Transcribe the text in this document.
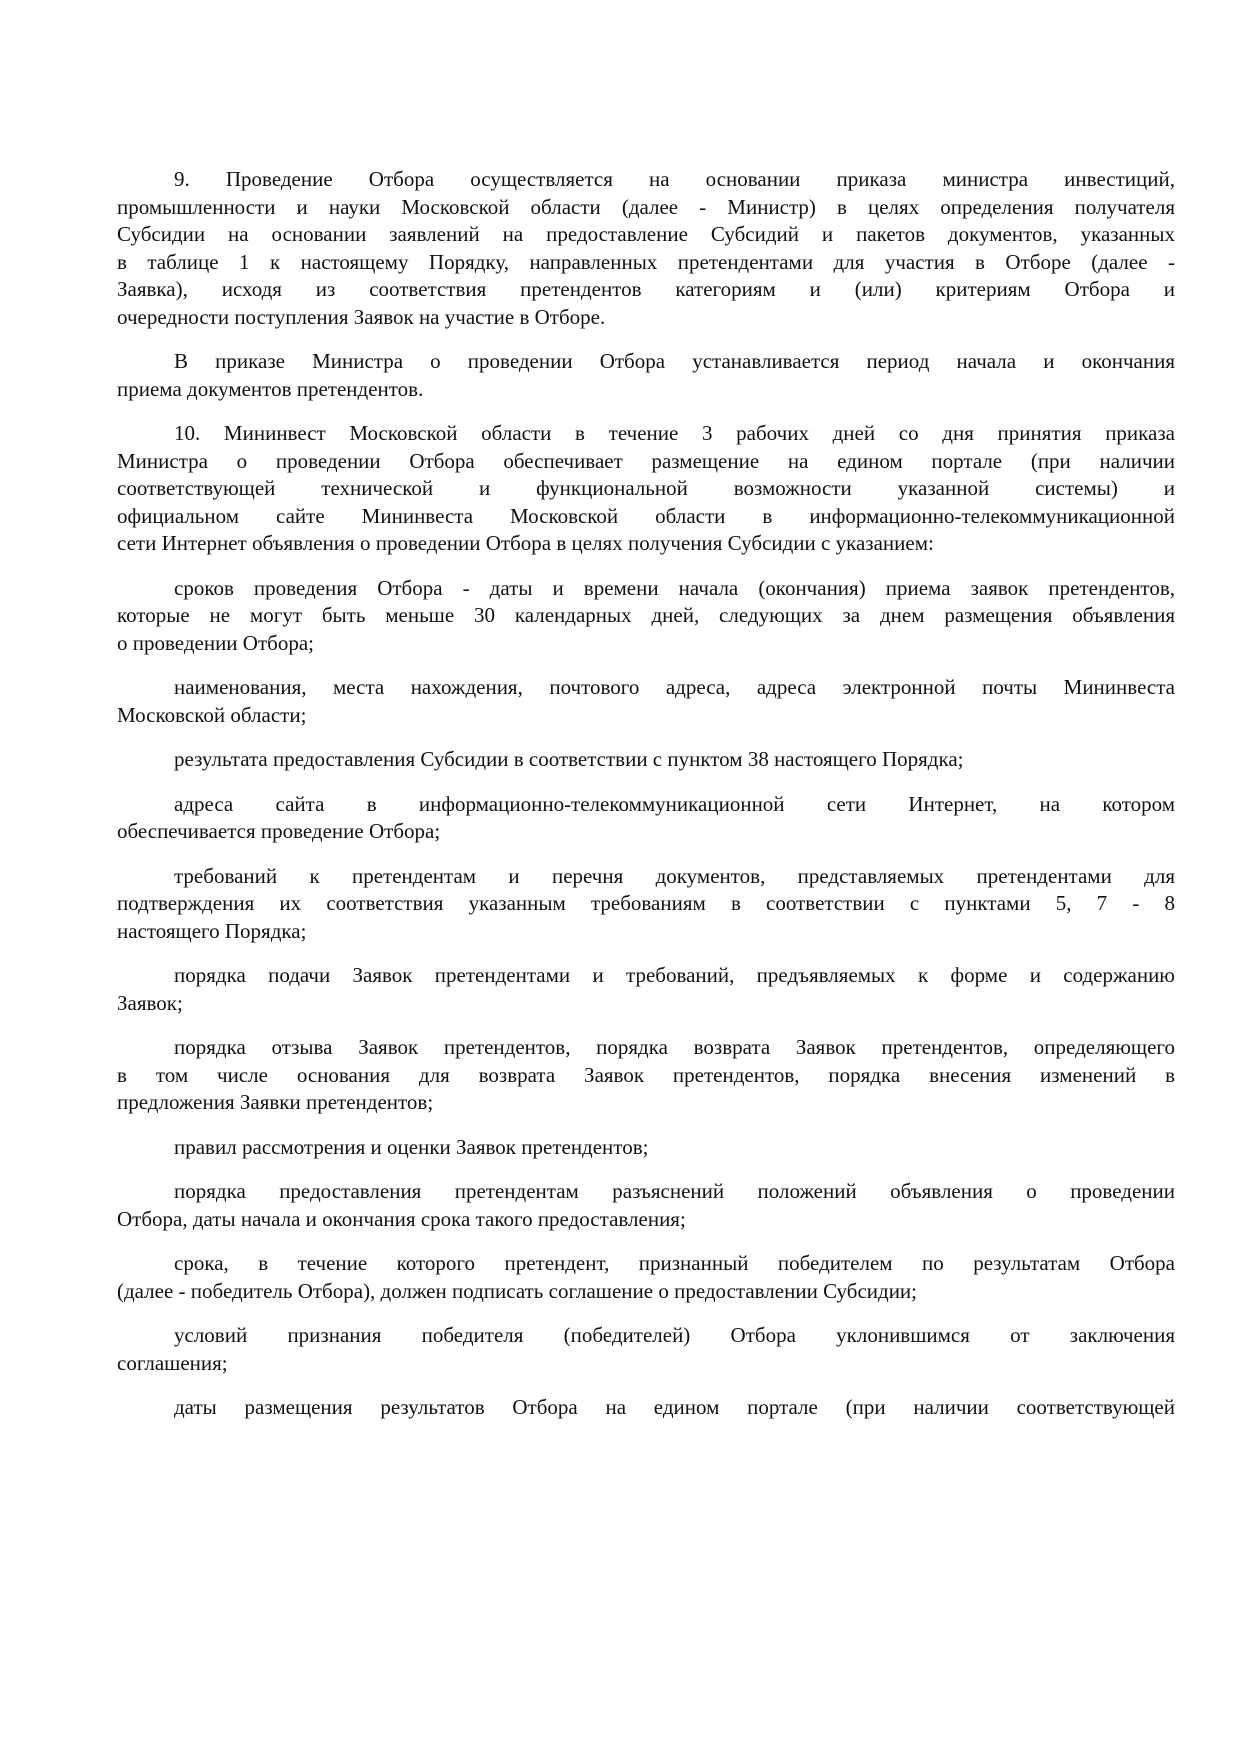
9. Проведение Отбора осуществляется на основании приказа министра инвестиций,
промышленности и науки Московской области (далее - Министр) в целях определения получателя
Субсидии на основании заявлений на предоставление Субсидий и пакетов документов, указанных
в таблице 1 к настоящему Порядку, направленных претендентами для участия в Отборе (далее -
Заявка), исходя из соответствия претендентов категориям и (или) критериям Отбора и
очередности поступления Заявок на участие в Отборе.
В приказе Министра о проведении Отбора устанавливается период начала и окончания
приема документов претендентов.
10. Мининвест Московской области в течение 3 рабочих дней со дня принятия приказа
Министра о проведении Отбора обеспечивает размещение на едином портале (при наличии
соответствующей технической и функциональной возможности указанной системы) и
официальном сайте Мининвеста Московской области в информационно-телекоммуникационной
сети Интернет объявления о проведении Отбора в целях получения Субсидии с указанием:
сроков проведения Отбора - даты и времени начала (окончания) приема заявок претендентов,
которые не могут быть меньше 30 календарных дней, следующих за днем размещения объявления
о проведении Отбора;
наименования, места нахождения, почтового адреса, адреса электронной почты Мининвеста
Московской области;
результата предоставления Субсидии в соответствии с пунктом 38 настоящего Порядка;
адреса сайта в информационно-телекоммуникационной сети Интернет, на котором
обеспечивается проведение Отбора;
требований к претендентам и перечня документов, представляемых претендентами для
подтверждения их соответствия указанным требованиям в соответствии с пунктами 5, 7 - 8
настоящего Порядка;
порядка подачи Заявок претендентами и требований, предъявляемых к форме и содержанию
Заявок;
порядка отзыва Заявок претендентов, порядка возврата Заявок претендентов, определяющего
в том числе основания для возврата Заявок претендентов, порядка внесения изменений в
предложения Заявки претендентов;
правил рассмотрения и оценки Заявок претендентов;
порядка предоставления претендентам разъяснений положений объявления о проведении
Отбора, даты начала и окончания срока такого предоставления;
срока, в течение которого претендент, признанный победителем по результатам Отбора
(далее - победитель Отбора), должен подписать соглашение о предоставлении Субсидии;
условий признания победителя (победителей) Отбора уклонившимся от заключения
соглашения;
даты размещения результатов Отбора на едином портале (при наличии соответствующей
